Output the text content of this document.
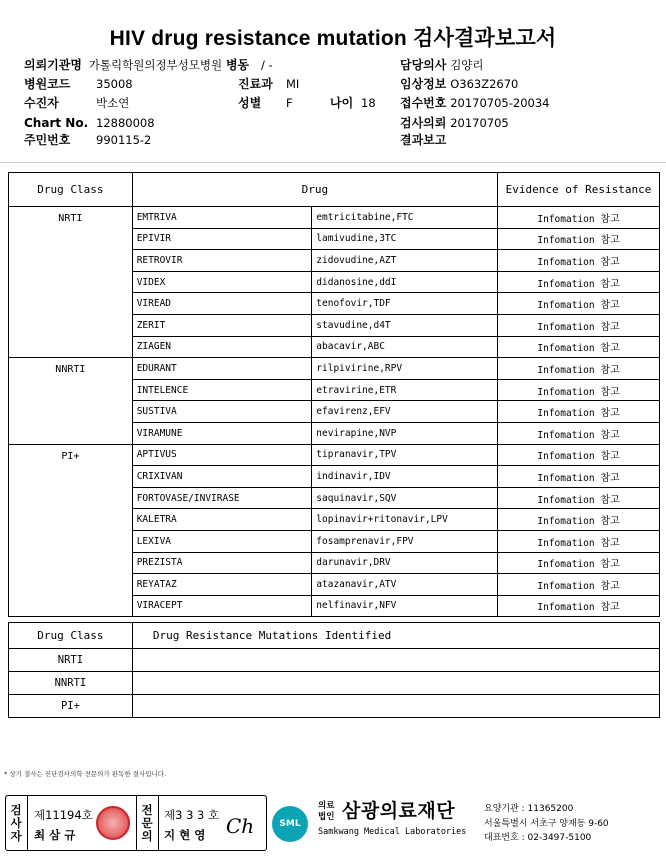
HIV drug resistance mutation 검사결과보고서
의뢰기관명 가톨릭학원의정부성모병원 병동 / -
병원코드 35008	진료과 MI
수진자	박소연	성별 F	나이 18
Chart No. 12880008
주민번호 990115-2
담당의사 김양리
임상정보 O363Z2670
접수번호 20170705-20034
검사의뢰 20170705
결과보고
Drug Class	Drug		Evidence of Resistance
NRTI	EMTRIVA	emtricitabine,FTC	Infomation 참고
	EPIVIR	lamivudine,3TC	Infomation 참고
	RETROVIR	zidovudine,AZT	Infomation 참고
	VIDEX	didanosine,ddI	Infomation 참고
	VIREAD	tenofovir,TDF	Infomation 참고
	ZERIT	stavudine,d4T	Infomation 참고
	ZIAGEN	abacavir,ABC	Infomation 참고
NNRTI	EDURANT	rilpivirine,RPV	Infomation 참고
	INTELENCE	etravirine,ETR	Infomation 참고
	SUSTIVA	efavirenz,EFV	Infomation 참고
	VIRAMUNE	nevirapine,NVP	Infomation 참고
PI+	APTIVUS	tipranavir,TPV	Infomation 참고
	CRIXIVAN	indinavir,IDV	Infomation 참고
	FORTOVASE/INVIRASE	saquinavir,SQV	Infomation 참고
	KALETRA	lopinavir+ritonavir,LPV	Infomation 참고
	LEXIVA	fosamprenavir,FPV	Infomation 참고
	PREZISTA	darunavir,DRV	Infomation 참고
	REYATAZ	atazanavir,ATV	Infomation 참고
	VIRACEPT	nelfinavir,NFV	Infomation 참고
Drug Class	Drug Resistance Mutations Identified
NRTI	
NNRTI	
PI+	
* 상기 결사는 진단검사의학 전문의가 판독한 결사입니다.
검
사
자
제11194호
최 삼 규
전
문
의
제3 3 3 호
지 현 영 Ch	SML
의료법인 삼광의료재단
Samkwang Medical Laboratories
요양기관 : 11365200
서울특별시 서초구 양재동 9-60
대표번호 : 02-3497-5100
